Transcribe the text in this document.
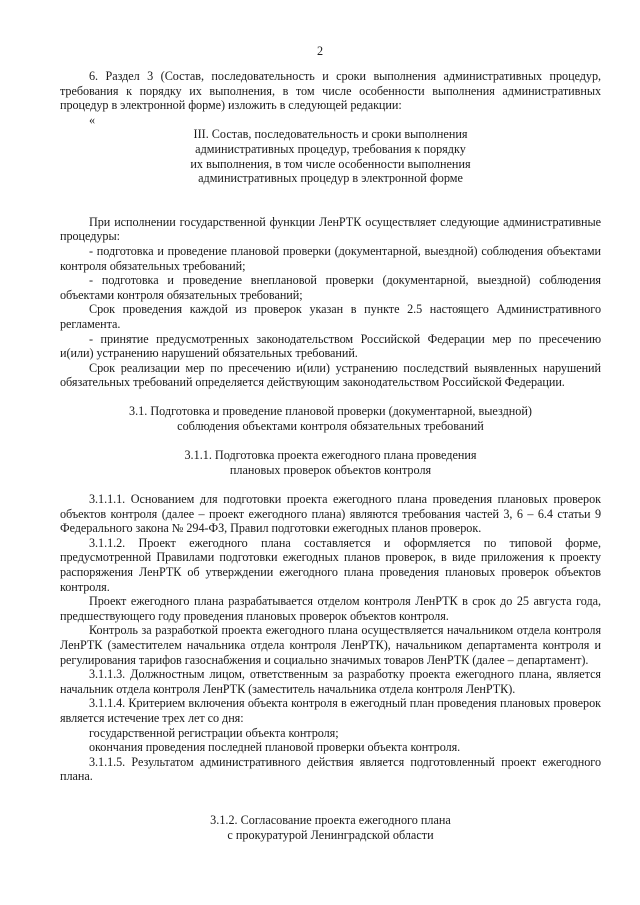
2

6. Раздел 3 (Состав, последовательность и сроки выполнения административных процедур, требования к порядку их выполнения, в том числе особенности выполнения административных процедур в электронной форме) изложить в следующей редакции:

«

III. Состав, последовательность и сроки выполнения

административных процедур, требования к порядку

их выполнения, в том числе особенности выполнения

административных процедур в электронной форме

При исполнении государственной функции ЛенРТК осуществляет следующие административные процедуры:

- подготовка и проведение плановой проверки (документарной, выездной) соблюдения объектами контроля обязательных требований;

- подготовка и проведение внеплановой проверки (документарной, выездной) соблюдения объектами контроля обязательных требований;

Срок проведения каждой из проверок указан в пункте 2.5 настоящего Административного регламента.

- принятие предусмотренных законодательством Российской Федерации мер по пресечению и(или) устранению нарушений обязательных требований.

Срок реализации мер по пресечению и(или) устранению последствий выявленных нарушений обязательных требований определяется действующим законодательством Российской Федерации.

3.1. Подготовка и проведение плановой проверки (документарной, выездной)

соблюдения объектами контроля обязательных требований

3.1.1. Подготовка проекта ежегодного плана проведения

плановых проверок объектов контроля

3.1.1.1. Основанием для подготовки проекта ежегодного плана проведения плановых проверок объектов контроля (далее – проект ежегодного плана) являются требования частей 3, 6 – 6.4 статьи 9 Федерального закона № 294-ФЗ, Правил подготовки ежегодных планов проверок.

3.1.1.2. Проект ежегодного плана составляется и оформляется по типовой форме, предусмотренной Правилами подготовки ежегодных планов проверок, в виде приложения к проекту распоряжения ЛенРТК об утверждении ежегодного плана проведения плановых проверок объектов контроля.

Проект ежегодного плана разрабатывается отделом контроля ЛенРТК в срок до 25 августа года, предшествующего году проведения плановых проверок объектов контроля.

Контроль за разработкой проекта ежегодного плана осуществляется начальником отдела контроля ЛенРТК (заместителем начальника отдела контроля ЛенРТК), начальником департамента контроля и регулирования тарифов газоснабжения и социально значимых товаров ЛенРТК (далее – департамент).

3.1.1.3. Должностным лицом, ответственным за разработку проекта ежегодного плана, является начальник отдела контроля ЛенРТК (заместитель начальника отдела контроля ЛенРТК).

3.1.1.4. Критерием включения объекта контроля в ежегодный план проведения плановых проверок является истечение трех лет со дня:

государственной регистрации объекта контроля;

окончания проведения последней плановой проверки объекта контроля.

3.1.1.5. Результатом административного действия является подготовленный проект ежегодного плана.

3.1.2. Согласование проекта ежегодного плана

с прокуратурой Ленинградской области
